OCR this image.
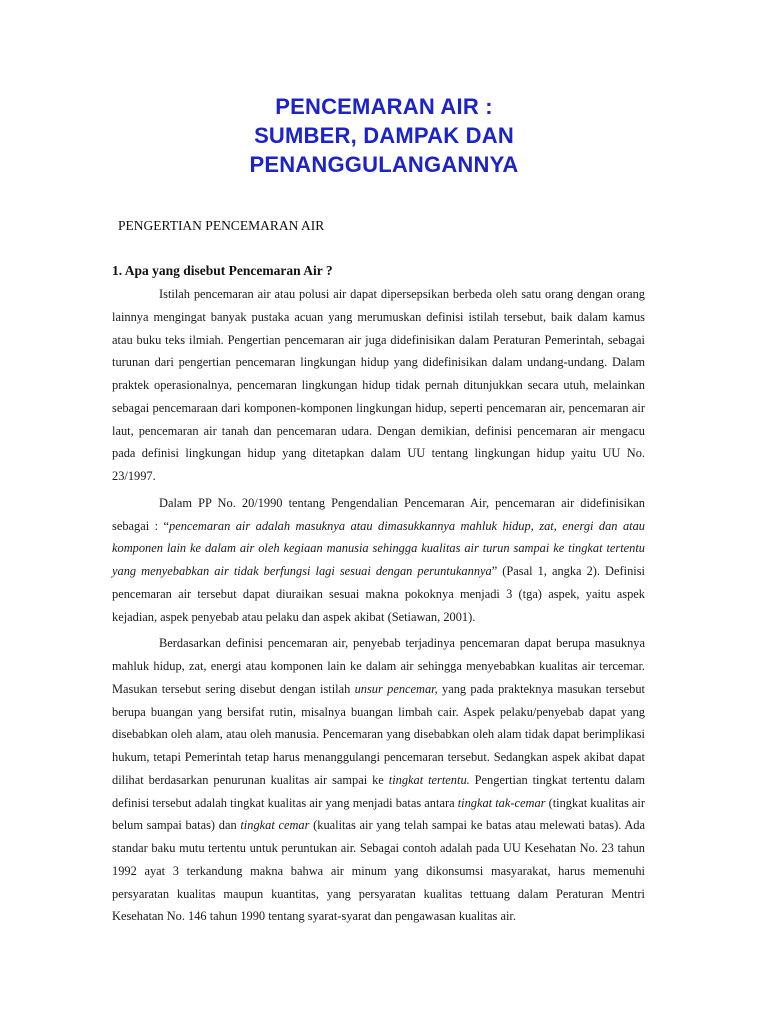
PENCEMARAN AIR :
SUMBER, DAMPAK DAN
PENANGGULANGANNYA
PENGERTIAN PENCEMARAN AIR
1. Apa yang disebut Pencemaran Air ?

Istilah pencemaran air atau polusi air dapat dipersepsikan berbeda oleh satu orang dengan orang lainnya mengingat banyak pustaka acuan yang merumuskan definisi istilah tersebut, baik dalam kamus atau buku teks ilmiah. Pengertian pencemaran air juga didefinisikan dalam Peraturan Pemerintah, sebagai turunan dari pengertian pencemaran lingkungan hidup yang didefinisikan dalam undang-undang. Dalam praktek operasionalnya, pencemaran lingkungan hidup tidak pernah ditunjukkan secara utuh, melainkan sebagai pencemaraan dari komponen-komponen lingkungan hidup, seperti pencemaran air, pencemaran air laut, pencemaran air tanah dan pencemaran udara. Dengan demikian, definisi pencemaran air mengacu pada definisi lingkungan hidup yang ditetapkan dalam UU tentang lingkungan hidup yaitu UU No. 23/1997.

Dalam PP No. 20/1990 tentang Pengendalian Pencemaran Air, pencemaran air didefinisikan sebagai : “pencemaran air adalah masuknya atau dimasukkannya mahluk hidup, zat, energi dan atau komponen lain ke dalam air oleh kegiaan manusia sehingga kualitas air turun sampai ke tingkat tertentu yang menyebabkan air tidak berfungsi lagi sesuai dengan peruntukannya” (Pasal 1, angka 2). Definisi pencemaran air tersebut dapat diuraikan sesuai makna pokoknya menjadi 3 (tga) aspek, yaitu aspek kejadian, aspek penyebab atau pelaku dan aspek akibat (Setiawan, 2001).

Berdasarkan definisi pencemaran air, penyebab terjadinya pencemaran dapat berupa masuknya mahluk hidup, zat, energi atau komponen lain ke dalam air sehingga menyebabkan kualitas air tercemar. Masukan tersebut sering disebut dengan istilah unsur pencemar, yang pada prakteknya masukan tersebut berupa buangan yang bersifat rutin, misalnya buangan limbah cair. Aspek pelaku/penyebab dapat yang disebabkan oleh alam, atau oleh manusia. Pencemaran yang disebabkan oleh alam tidak dapat berimplikasi hukum, tetapi Pemerintah tetap harus menanggulangi pencemaran tersebut. Sedangkan aspek akibat dapat dilihat berdasarkan penurunan kualitas air sampai ke tingkat tertentu. Pengertian tingkat tertentu dalam definisi tersebut adalah tingkat kualitas air yang menjadi batas antara tingkat tak-cemar (tingkat kualitas air belum sampai batas) dan tingkat cemar (kualitas air yang telah sampai ke batas atau melewati batas). Ada standar baku mutu tertentu untuk peruntukan air. Sebagai contoh adalah pada UU Kesehatan No. 23 tahun 1992 ayat 3 terkandung makna bahwa air minum yang dikonsumsi masyarakat, harus memenuhi persyaratan kualitas maupun kuantitas, yang persyaratan kualitas tettuang dalam Peraturan Mentri Kesehatan No. 146 tahun 1990 tentang syarat-syarat dan pengawasan kualitas air.
